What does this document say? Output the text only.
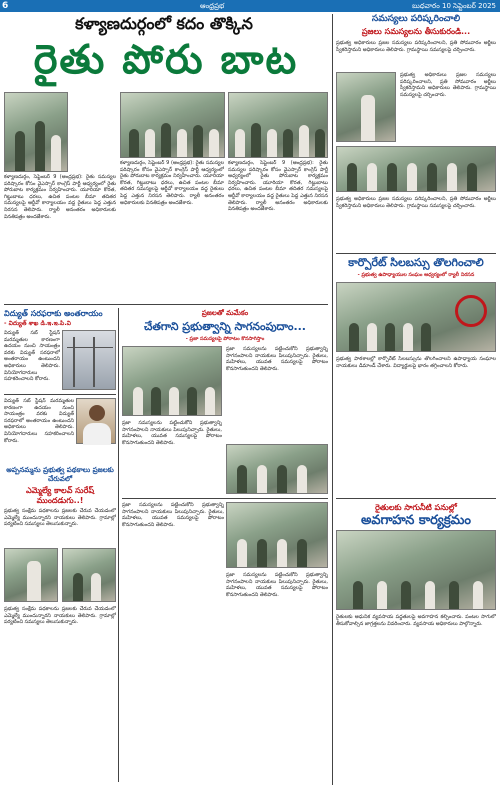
6	ఆంధ్రప్రభ	బుధవారం 10 సెప్టెంబర్ 2025
కళ్యాణదుర్గంలో కదం తొక్కిన
రైతు పోరు బాట
కళ్యాణదుర్గం, సెప్టెంబర్ 9 (ఆంధ్రప్రభ): రైతు సమస్యల పరిష్కారం కోసం వైఎస్సార్ కాంగ్రెస్ పార్టీ ఆధ్వర్యంలో రైతు పోరుబాట కార్యక్రమం నిర్వహించారు. యూరియా కొరత, గిట్టుబాటు ధరలు, ఉచిత పంటల బీమా తదితర సమస్యలపై ఆర్డీవో కార్యాలయం వద్ద రైతులు పెద్ద ఎత్తున నిరసన తెలిపారు. ర్యాలీ అనంతరం అధికారులకు వినతిపత్రం అందజేశారు.
కళ్యాణదుర్గం, సెప్టెంబర్ 9 (ఆంధ్రప్రభ): రైతు సమస్యల పరిష్కారం కోసం వైఎస్సార్ కాంగ్రెస్ పార్టీ ఆధ్వర్యంలో రైతు పోరుబాట కార్యక్రమం నిర్వహించారు. యూరియా కొరత, గిట్టుబాటు ధరలు, ఉచిత పంటల బీమా తదితర సమస్యలపై ఆర్డీవో కార్యాలయం వద్ద రైతులు పెద్ద ఎత్తున నిరసన తెలిపారు. ర్యాలీ అనంతరం అధికారులకు వినతిపత్రం అందజేశారు.
కళ్యాణదుర్గం, సెప్టెంబర్ 9 (ఆంధ్రప్రభ): రైతు సమస్యల పరిష్కారం కోసం వైఎస్సార్ కాంగ్రెస్ పార్టీ ఆధ్వర్యంలో రైతు పోరుబాట కార్యక్రమం నిర్వహించారు. యూరియా కొరత, గిట్టుబాటు ధరలు, ఉచిత పంటల బీమా తదితర సమస్యలపై ఆర్డీవో కార్యాలయం వద్ద రైతులు పెద్ద ఎత్తున నిరసన తెలిపారు. ర్యాలీ అనంతరం అధికారులకు వినతిపత్రం అందజేశారు.
సమస్యలు పరిష్కరించాలి
ప్రజలు సమస్యలను తీసుకురండి...
ప్రభుత్వ అధికారులు ప్రజల సమస్యలు పరిష్కరించాలని, ప్రతి సోమవారం అర్జీలు స్వీకరిస్తామని అధికారులు తెలిపారు. గ్రామస్థాయి సమస్యలపై చర్చించారు.
ప్రభుత్వ అధికారులు ప్రజల సమస్యలు పరిష్కరించాలని, ప్రతి సోమవారం అర్జీలు స్వీకరిస్తామని అధికారులు తెలిపారు. గ్రామస్థాయి సమస్యలపై చర్చించారు.
ప్రభుత్వ అధికారులు ప్రజల సమస్యలు పరిష్కరించాలని, ప్రతి సోమవారం అర్జీలు స్వీకరిస్తామని అధికారులు తెలిపారు. గ్రామస్థాయి సమస్యలపై చర్చించారు.
కార్పొరేట్ సిలబస్సు తొలగించాలి
- ప్రభుత్వ ఉపాధ్యాయుల సంఘం ఆధ్వర్యంలో ర్యాలీ నిరసన
ప్రభుత్వ పాఠశాలల్లో కార్పొరేట్ సిలబస్సును తొలగించాలని ఉపాధ్యాయ సంఘాల నాయకులు డిమాండ్ చేశారు. విద్యార్థులపై భారం తగ్గించాలని కోరారు.
రైతులకు సాగునీటి పనుల్లో
అవగాహన కార్యక్రమం
రైతులకు ఆధునిక వ్యవసాయ పద్ధతులపై అవగాహన కల్పించారు. పంటల సాగులో తీసుకోవాల్సిన జాగ్రత్తలను వివరించారు. వ్యవసాయ అధికారులు పాల్గొన్నారు.
విద్యుత్ సరఫరాకు అంతరాయం
- విద్యుత్ శాఖ డి.ఇ.ఇ.పి.వి
విద్యుత్ సబ్ స్టేషన్ మరమ్మతుల కారణంగా ఉదయం నుంచి సాయంత్రం వరకు విద్యుత్ సరఫరాలో అంతరాయం ఉంటుందని అధికారులు తెలిపారు. వినియోగదారులు సహకరించాలని కోరారు.
విద్యుత్ సబ్ స్టేషన్ మరమ్మతుల కారణంగా ఉదయం నుంచి సాయంత్రం వరకు విద్యుత్ సరఫరాలో అంతరాయం ఉంటుందని అధికారులు తెలిపారు. వినియోగదారులు సహకరించాలని కోరారు.
అప్పనమ్మను ప్రభుత్వ పథకాలు ప్రజలకు చేరువలో
ఎమ్మెల్యే కాలవ్ సురేష్ ముందడుగు..!
ప్రభుత్వ సంక్షేమ పథకాలను ప్రజలకు చేరువ చేయడంలో ఎమ్మెల్యే ముందున్నారని నాయకులు తెలిపారు. గ్రామాల్లో పర్యటించి సమస్యలు తెలుసుకున్నారు.
ప్రభుత్వ సంక్షేమ పథకాలను ప్రజలకు చేరువ చేయడంలో ఎమ్మెల్యే ముందున్నారని నాయకులు తెలిపారు. గ్రామాల్లో పర్యటించి సమస్యలు తెలుసుకున్నారు.
ప్రజలతో మమేకం
చేతగాని ప్రభుత్వాన్ని సాగనంపుదాం...
- ప్రజా సమస్యలపై పోరాటం కొనసాగిస్తాం
ప్రజా సమస్యలను పట్టించుకోని ప్రభుత్వాన్ని సాగనంపాలని నాయకులు పిలుపునిచ్చారు. రైతులు, మహిళలు, యువత సమస్యలపై పోరాటం కొనసాగుతుందని తెలిపారు.
ప్రజా సమస్యలను పట్టించుకోని ప్రభుత్వాన్ని సాగనంపాలని నాయకులు పిలుపునిచ్చారు. రైతులు, మహిళలు, యువత సమస్యలపై పోరాటం కొనసాగుతుందని తెలిపారు.
ప్రజా సమస్యలను పట్టించుకోని ప్రభుత్వాన్ని సాగనంపాలని నాయకులు పిలుపునిచ్చారు. రైతులు, మహిళలు, యువత సమస్యలపై పోరాటం కొనసాగుతుందని తెలిపారు.
ప్రజా సమస్యలను పట్టించుకోని ప్రభుత్వాన్ని సాగనంపాలని నాయకులు పిలుపునిచ్చారు. రైతులు, మహిళలు, యువత సమస్యలపై పోరాటం కొనసాగుతుందని తెలిపారు.
